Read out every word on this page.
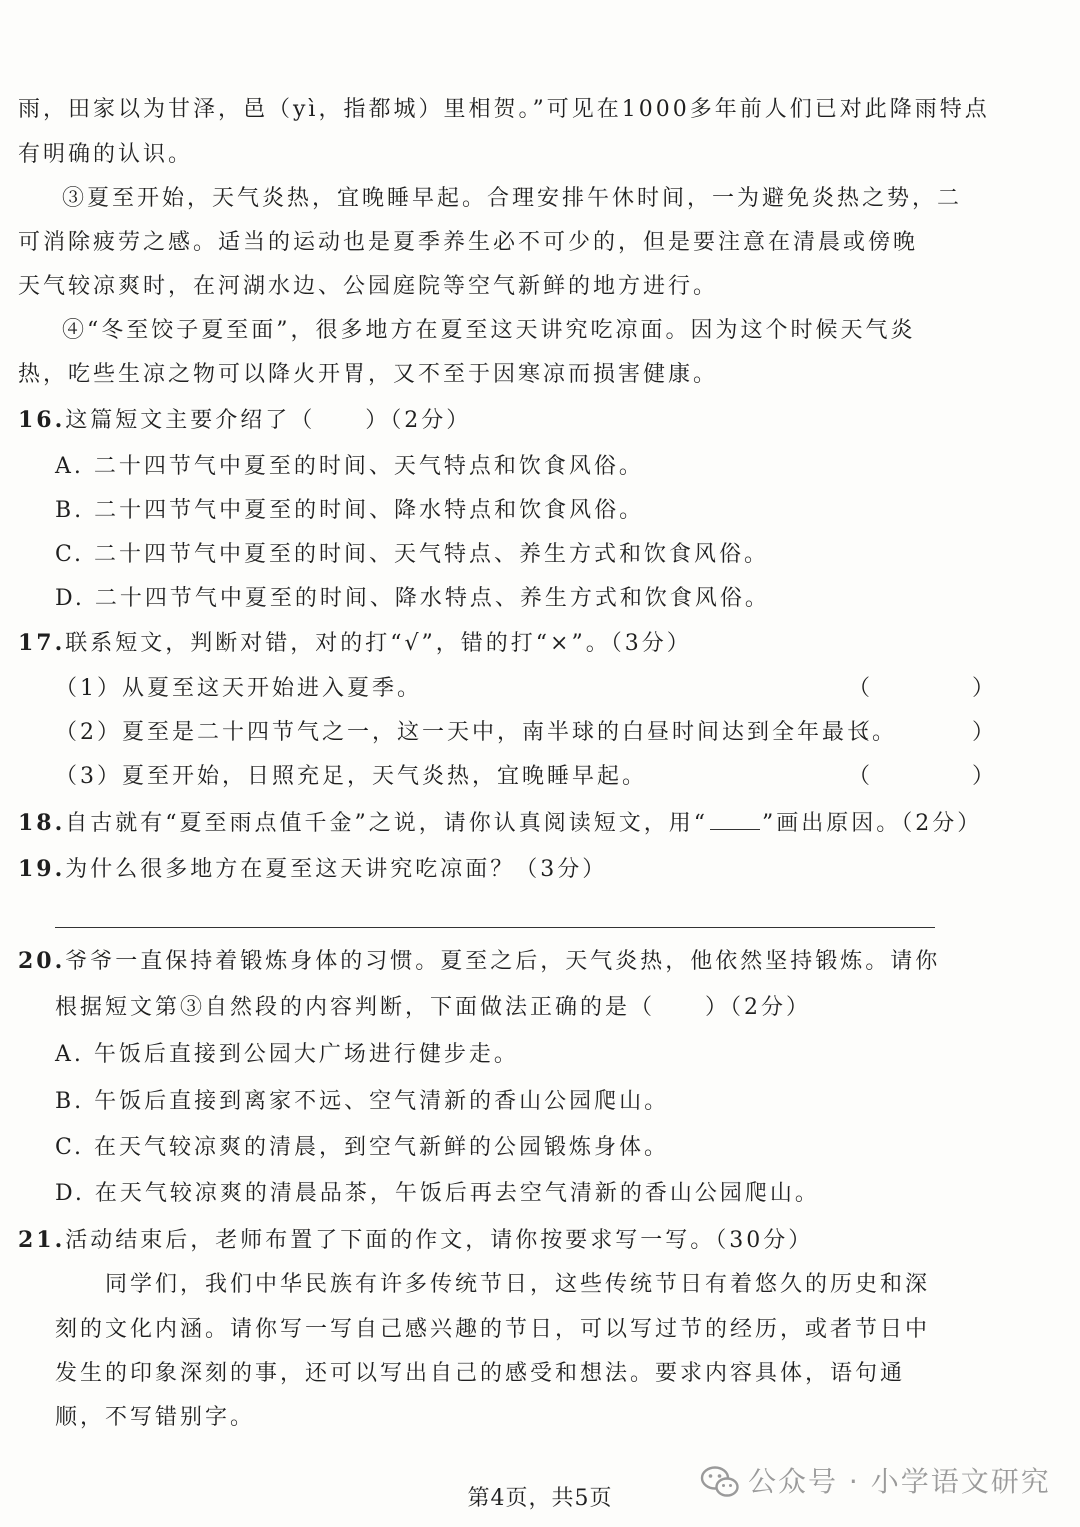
雨，田家以为甘泽，邑（yì，指都城）里相贺。”可见在1000多年前人们已对此降雨特点
有明确的认识。
③夏至开始，天气炎热，宜晚睡早起。合理安排午休时间，一为避免炎热之势，二
可消除疲劳之感。适当的运动也是夏季养生必不可少的，但是要注意在清晨或傍晚
天气较凉爽时，在河湖水边、公园庭院等空气新鲜的地方进行。
④“冬至饺子夏至面”，很多地方在夏至这天讲究吃凉面。因为这个时候天气炎
热，吃些生凉之物可以降火开胃，又不至于因寒凉而损害健康。
16.这篇短文主要介绍了（　　）（2分）
A. 二十四节气中夏至的时间、天气特点和饮食风俗。
B. 二十四节气中夏至的时间、降水特点和饮食风俗。
C. 二十四节气中夏至的时间、天气特点、养生方式和饮食风俗。
D. 二十四节气中夏至的时间、降水特点、养生方式和饮食风俗。
17.联系短文，判断对错，对的打“√”，错的打“×”。（3分）
（1）从夏至这天开始进入夏季。	（　）
（2）夏至是二十四节气之一，这一天中，南半球的白昼时间达到全年最长。
（　）
（3）夏至开始，日照充足，天气炎热，宜晚睡早起。	（　）
18.自古就有“夏至雨点值千金”之说，请你认真阅读短文，用“ ”画出原因。（2分）
19.为什么很多地方在夏至这天讲究吃凉面？（3分）
20.爷爷一直保持着锻炼身体的习惯。夏至之后，天气炎热，他依然坚持锻炼。请你
根据短文第③自然段的内容判断，下面做法正确的是（　　）（2分）
A. 午饭后直接到公园大广场进行健步走。
B. 午饭后直接到离家不远、空气清新的香山公园爬山。
C. 在天气较凉爽的清晨，到空气新鲜的公园锻炼身体。
D. 在天气较凉爽的清晨品茶，午饭后再去空气清新的香山公园爬山。
21.活动结束后，老师布置了下面的作文，请你按要求写一写。（30分）
同学们，我们中华民族有许多传统节日，这些传统节日有着悠久的历史和深
刻的文化内涵。请你写一写自己感兴趣的节日，可以写过节的经历，或者节日中
发生的印象深刻的事，还可以写出自己的感受和想法。要求内容具体，语句通
顺，不写错别字。
第4页，共5页
公众号 · 小学语文研究
